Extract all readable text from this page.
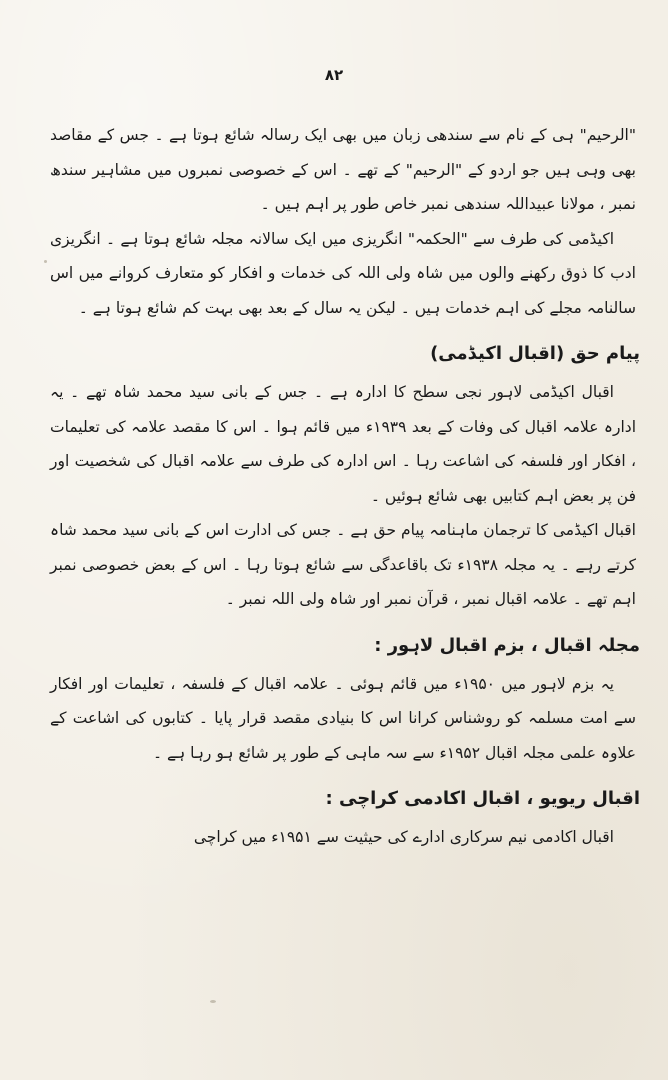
۸۲

"الرحیم" ہی کے نام سے سندھی زبان میں بھی ایک رسالہ شائع ہوتا ہے ۔ جس کے مقاصد بھی وہی ہیں جو اردو کے "الرحیم" کے تھے ۔ اس کے خصوصی نمبروں میں مشاہیر سندھ نمبر ، مولانا عبیداللہ سندھی نمبر خاص طور پر اہم ہیں ۔

اکیڈمی کی طرف سے "الحکمہ" انگریزی میں ایک سالانہ مجلہ شائع ہوتا ہے ۔ انگریزی ادب کا ذوق رکھنے والوں میں شاہ ولی اللہ کی خدمات و افکار کو متعارف کروانے میں اس سالنامہ مجلے کی اہم خدمات ہیں ۔ لیکن یہ سال کے بعد بھی بہت کم شائع ہوتا ہے ۔

پیام حق (اقبال اکیڈمی)

اقبال اکیڈمی لاہور نجی سطح کا ادارہ ہے ۔ جس کے بانی سید محمد شاہ تھے ۔ یہ ادارہ علامہ اقبال کی وفات کے بعد ۱۹۳۹ء میں قائم ہوا ۔ اس کا مقصد علامہ کی تعلیمات ، افکار اور فلسفہ کی اشاعت رہا ۔ اس ادارہ کی طرف سے علامہ اقبال کی شخصیت اور فن پر بعض اہم کتابیں بھی شائع ہوئیں ۔

اقبال اکیڈمی کا ترجمان ماہنامہ پیام حق ہے ۔ جس کی ادارت اس کے بانی سید محمد شاہ کرتے رہے ۔ یہ مجلہ ۱۹۳۸ء تک باقاعدگی سے شائع ہوتا رہا ۔ اس کے بعض خصوصی نمبر اہم تھے ۔ علامہ اقبال نمبر ، قرآن نمبر اور شاہ ولی اللہ نمبر ۔

مجلہ اقبال ، بزم اقبال لاہور :

یہ بزم لاہور میں ۱۹۵۰ء میں قائم ہوئی ۔ علامہ اقبال کے فلسفہ ، تعلیمات اور افکار سے امت مسلمہ کو روشناس کرانا اس کا بنیادی مقصد قرار پایا ۔ کتابوں کی اشاعت کے علاوہ علمی مجلہ اقبال ۱۹۵۲ء سے سہ ماہی کے طور پر شائع ہو رہا ہے ۔

اقبال ریویو ، اقبال اکادمی کراچی :

اقبال اکادمی نیم سرکاری ادارے کی حیثیت سے ۱۹۵۱ء میں کراچی
